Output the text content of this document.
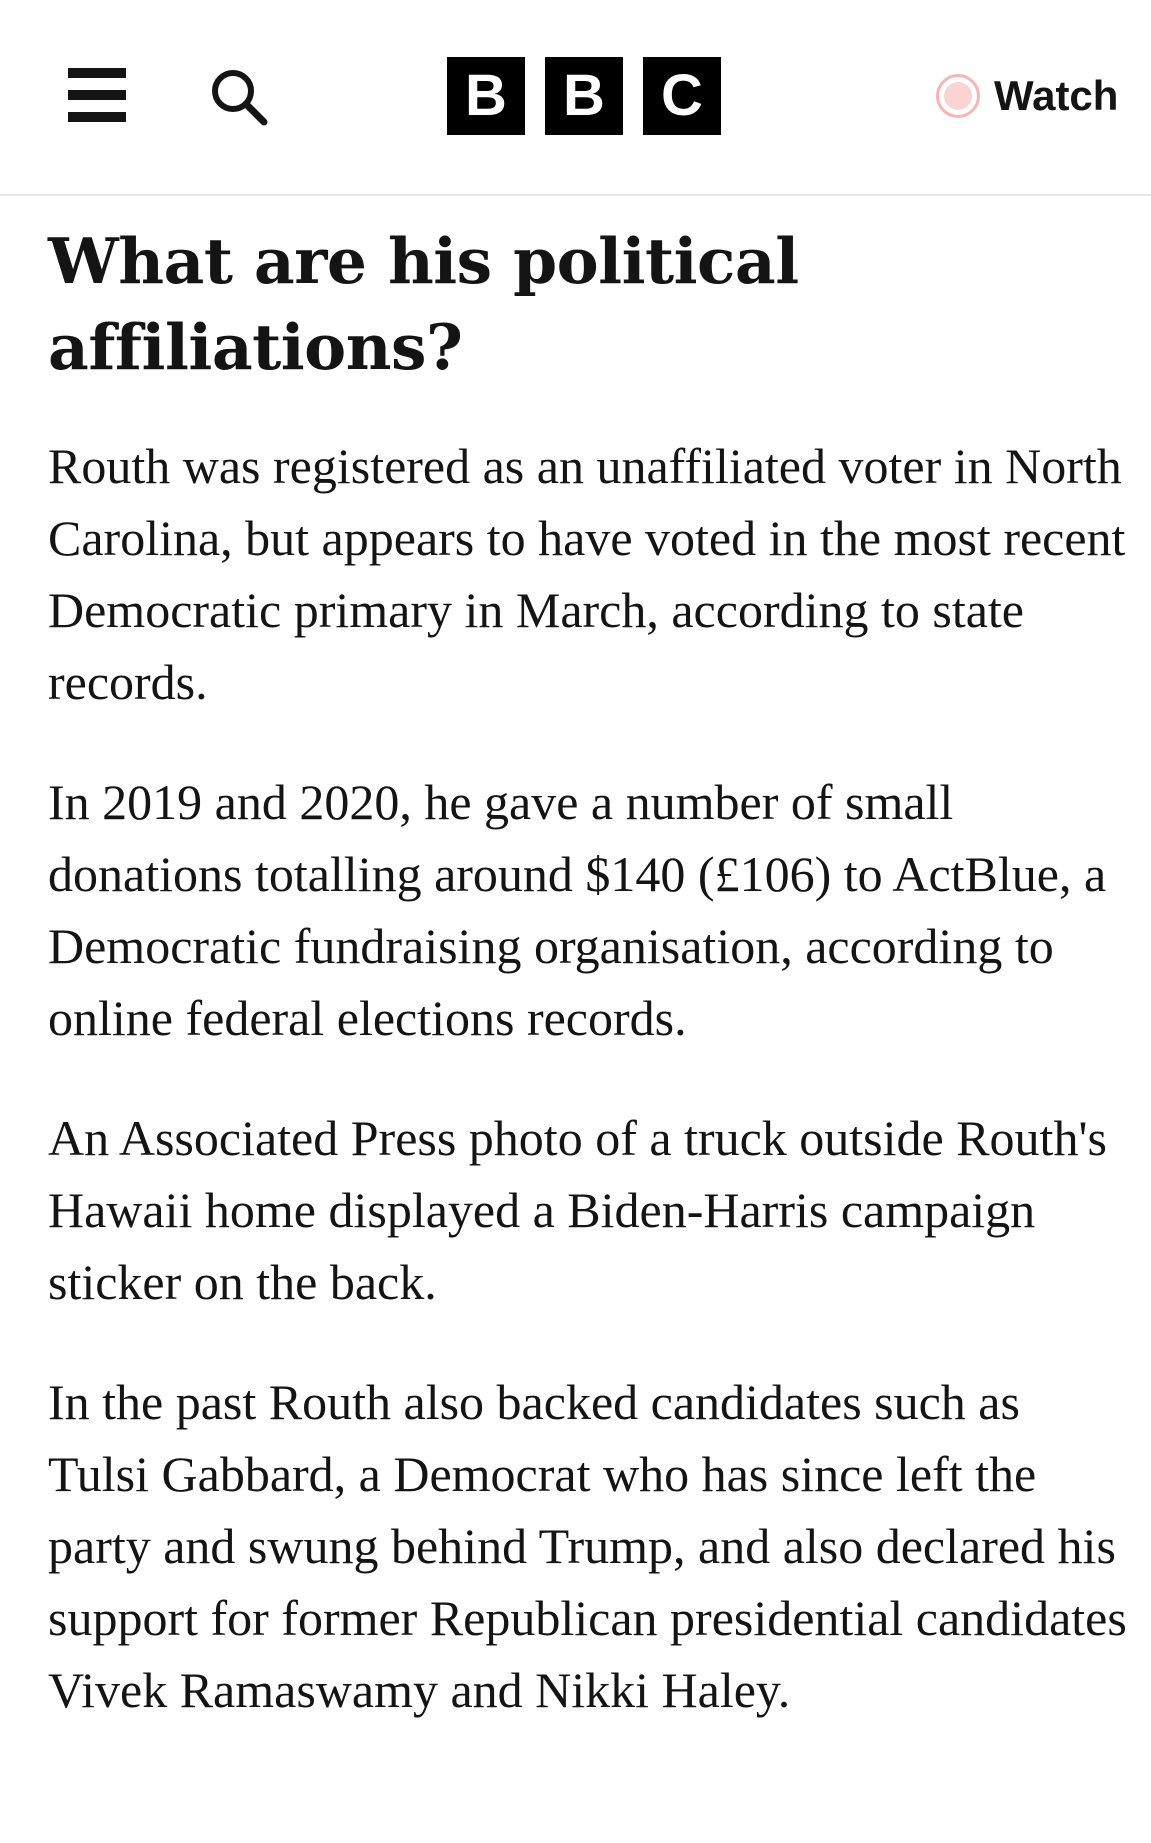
B B C	Watch
What are his political affiliations?

Routh was registered as an unaffiliated voter in North Carolina, but appears to have voted in the most recent Democratic primary in March, according to state records.

In 2019 and 2020, he gave a number of small donations totalling around $140 (£106) to ActBlue, a Democratic fundraising organisation, according to online federal elections records.

An Associated Press photo of a truck outside Routh's Hawaii home displayed a Biden-Harris campaign sticker on the back.

In the past Routh also backed candidates such as Tulsi Gabbard, a Democrat who has since left the party and swung behind Trump, and also declared his support for former Republican presidential candidates Vivek Ramaswamy and Nikki Haley.
